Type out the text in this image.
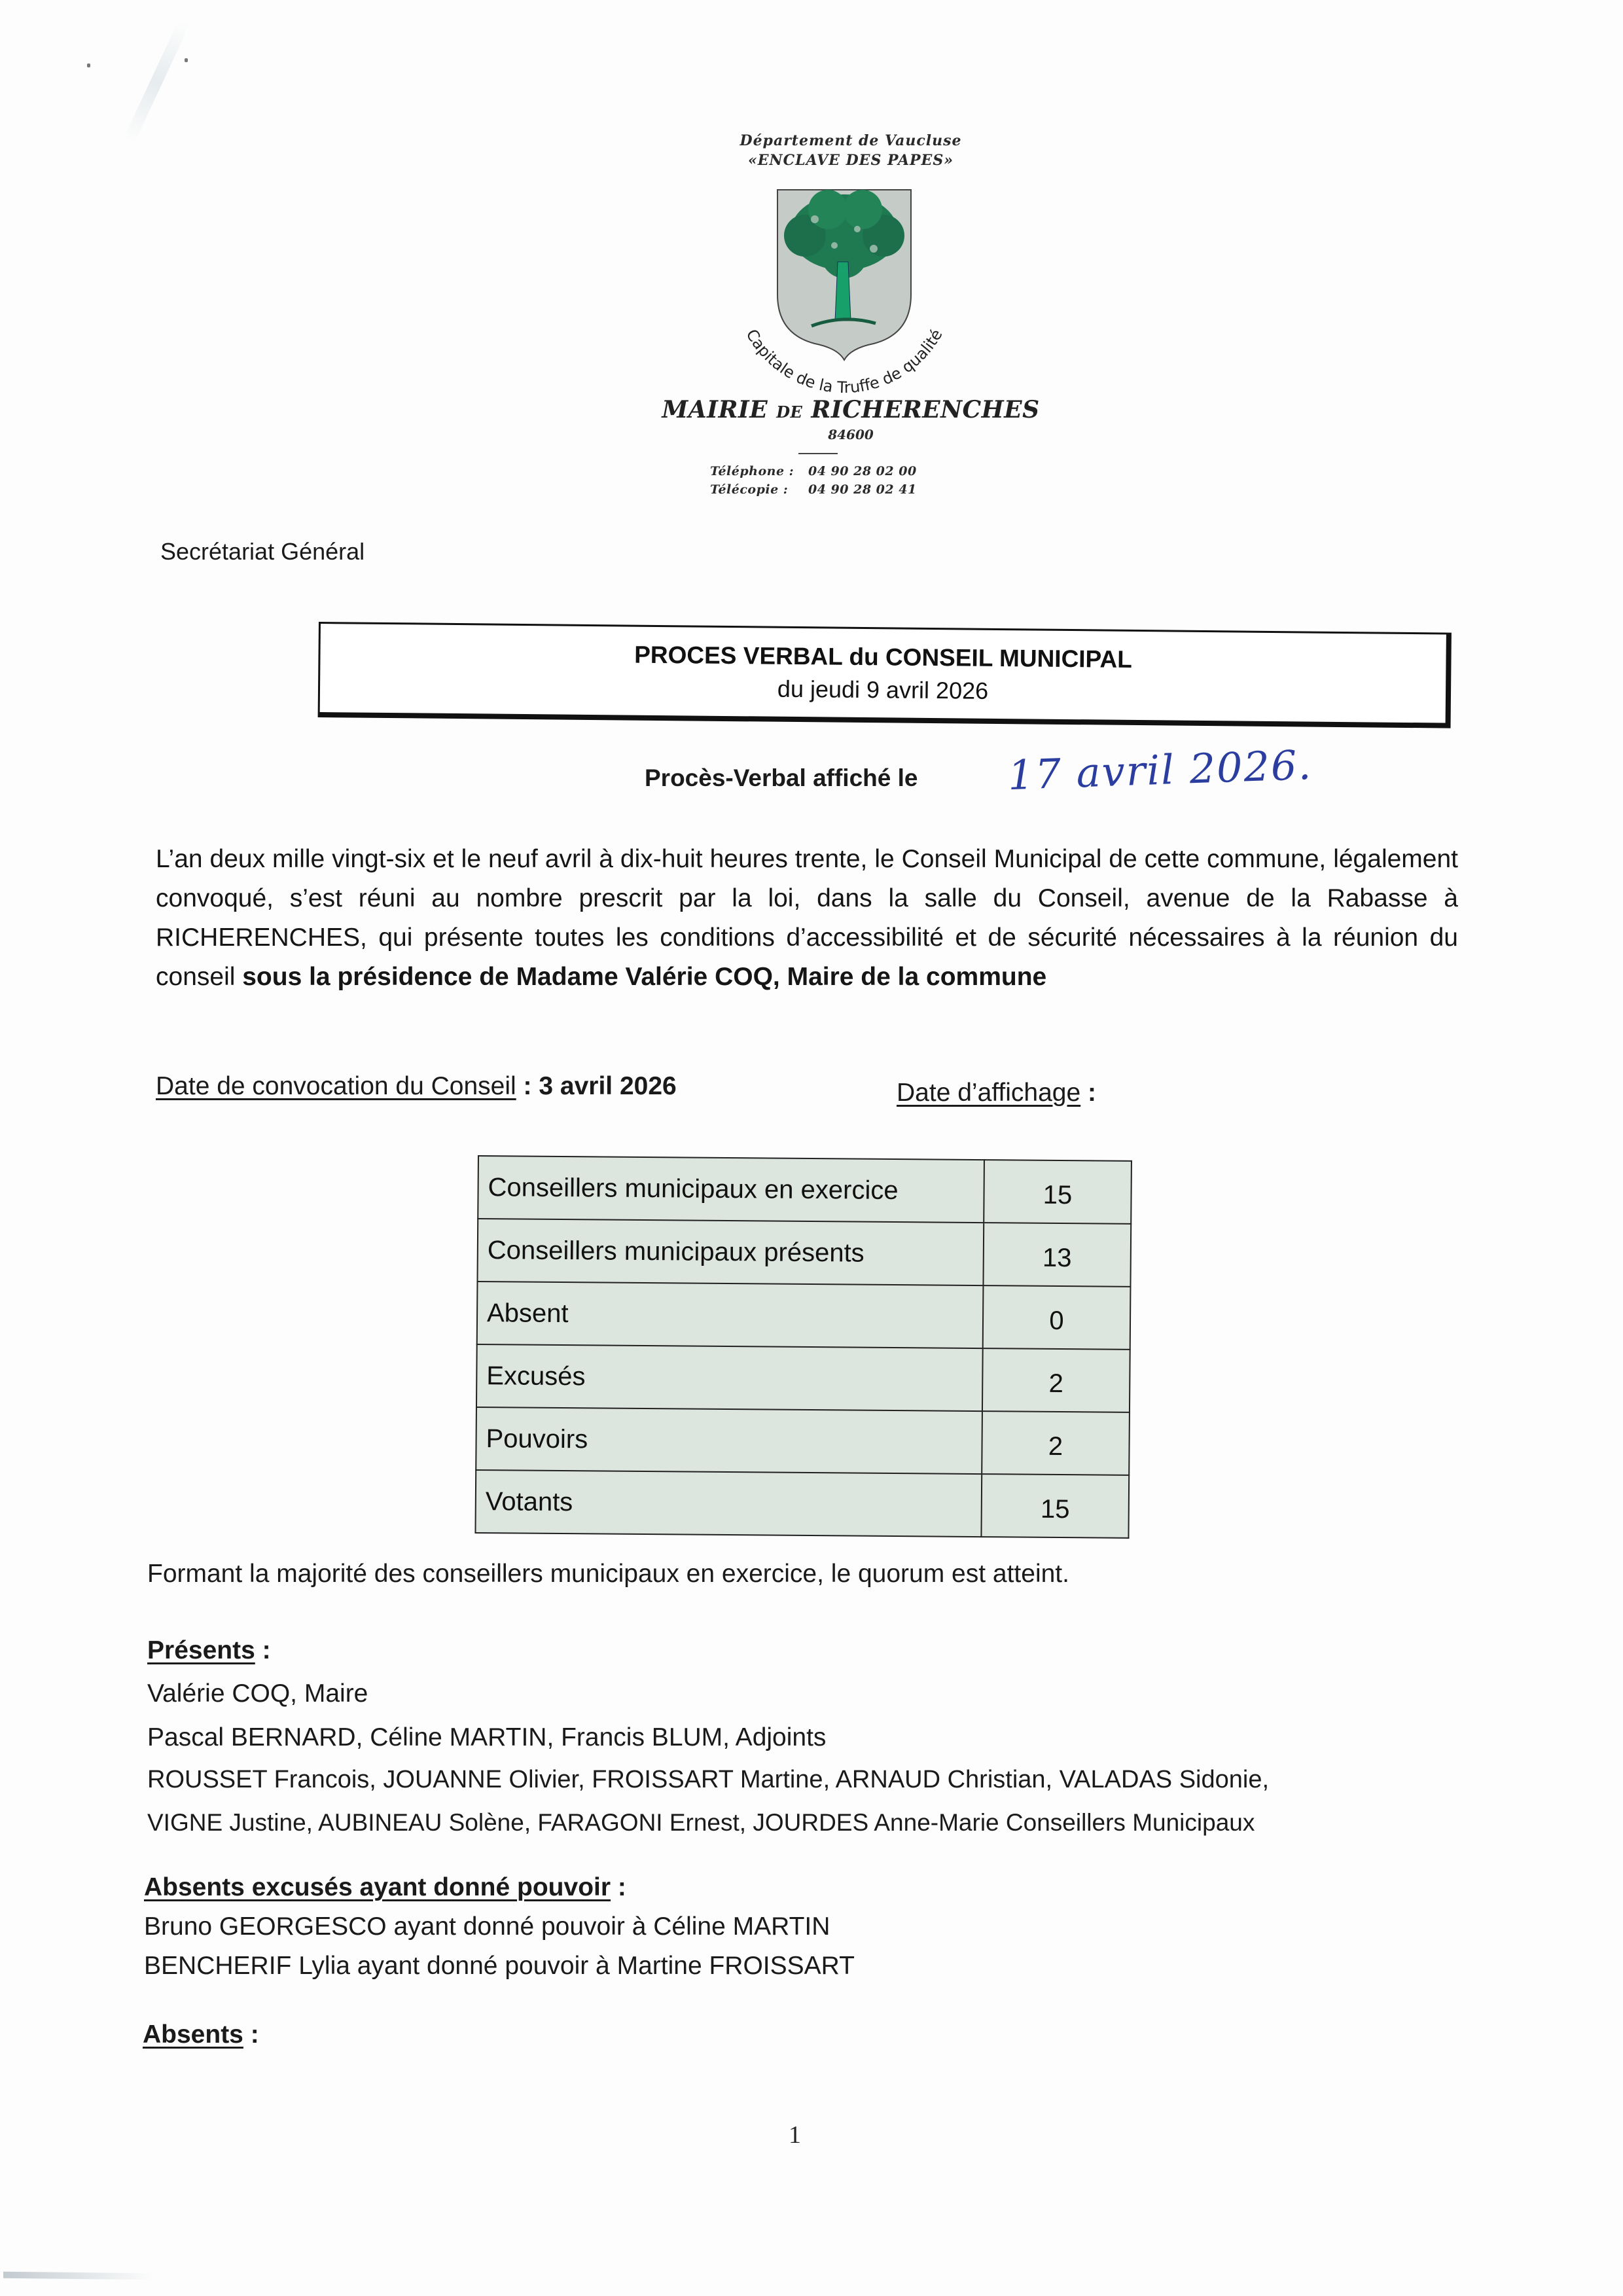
Département de Vaucluse
«ENCLAVE DES PAPES»
Capitale de la Truffe de qualité
MAIRIE DE RICHERENCHES
84600
Téléphone :	04 90 28 02 00
Télécopie :	04 90 28 02 41
Secrétariat Général
PROCES VERBAL du CONSEIL MUNICIPAL
du jeudi 9 avril 2026
Procès-Verbal affiché le 17 avril 2026.
L’an deux mille vingt-six et le neuf avril à dix-huit heures trente, le Conseil Municipal de cette commune, légalement convoqué, s’est réuni au nombre prescrit par la loi, dans la salle du Conseil, avenue de la Rabasse à RICHERENCHES, qui présente toutes les conditions d’accessibilité et de sécurité nécessaires à la réunion du conseil sous la présidence de Madame Valérie COQ, Maire de la commune
Date de convocation du Conseil : 3 avril 2026	Date d’affichage :
Conseillers municipaux en exercice	15
Conseillers municipaux présents	13
Absent	0
Excusés	2
Pouvoirs	2
Votants	15
Formant la majorité des conseillers municipaux en exercice, le quorum est atteint.
Présents :
Valérie COQ, Maire
Pascal BERNARD, Céline MARTIN, Francis BLUM, Adjoints
ROUSSET Francois, JOUANNE Olivier, FROISSART Martine, ARNAUD Christian, VALADAS Sidonie,
VIGNE Justine, AUBINEAU Solène, FARAGONI Ernest, JOURDES Anne-Marie Conseillers Municipaux
Absents excusés ayant donné pouvoir :
Bruno GEORGESCO ayant donné pouvoir à Céline MARTIN
BENCHERIF Lylia ayant donné pouvoir à Martine FROISSART
Absents :
1
